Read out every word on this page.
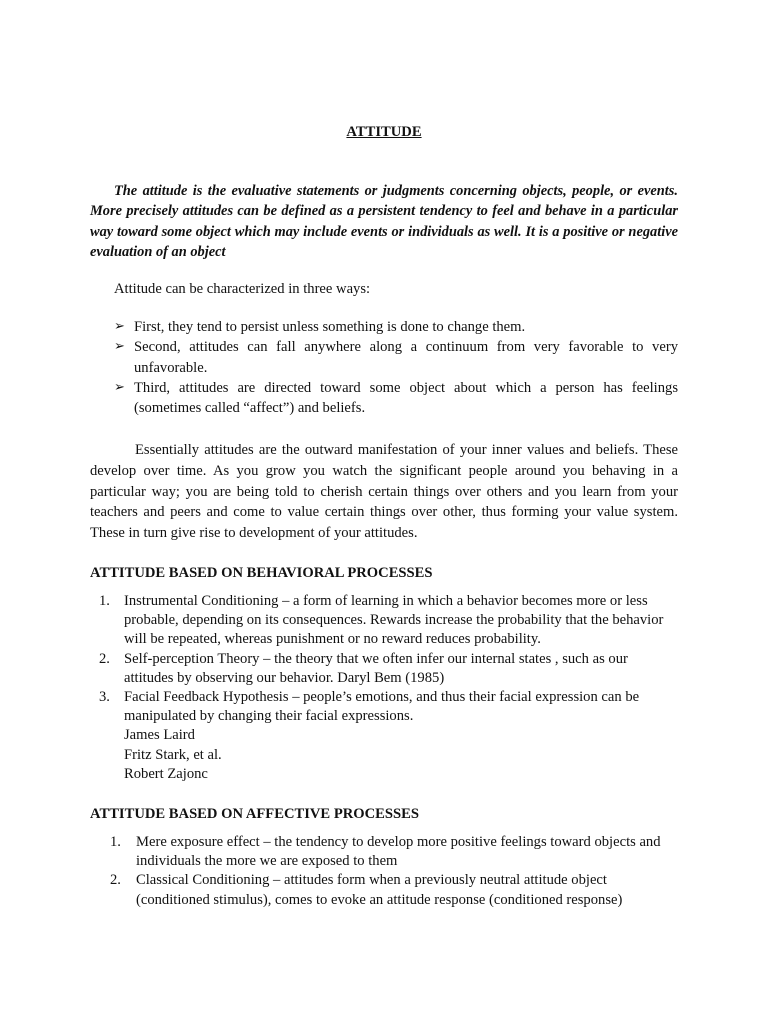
ATTITUDE

The attitude is the evaluative statements or judgments concerning objects, people, or events. More precisely attitudes can be defined as a persistent tendency to feel and behave in a particular way toward some object which may include events or individuals as well. It is a positive or negative evaluation of an object

Attitude can be characterized in three ways:

➢ First, they tend to persist unless something is done to change them.
➢ Second, attitudes can fall anywhere along a continuum from very favorable to very unfavorable.
➢ Third, attitudes are directed toward some object about which a person has feelings (sometimes called “affect”) and beliefs.

Essentially attitudes are the outward manifestation of your inner values and beliefs. These develop over time. As you grow you watch the significant people around you behaving in a particular way; you are being told to cherish certain things over others and you learn from your teachers and peers and come to value certain things over other, thus forming your value system. These in turn give rise to development of your attitudes.

ATTITUDE BASED ON BEHAVIORAL PROCESSES

1. Instrumental Conditioning – a form of learning in which a behavior becomes more or less probable, depending on its consequences. Rewards increase the probability that the behavior will be repeated, whereas punishment or no reward reduces probability.
2. Self-perception Theory – the theory that we often infer our internal states , such as our attitudes by observing our behavior. Daryl Bem (1985)
3. Facial Feedback Hypothesis – people’s emotions, and thus their facial expression can be manipulated by changing their facial expressions.
James Laird
Fritz Stark, et al.
Robert Zajonc

ATTITUDE BASED ON AFFECTIVE PROCESSES

1. Mere exposure effect – the tendency to develop more positive feelings toward objects and individuals the more we are exposed to them
2. Classical Conditioning – attitudes form when a previously neutral attitude object (conditioned stimulus), comes to evoke an attitude response (conditioned response)
